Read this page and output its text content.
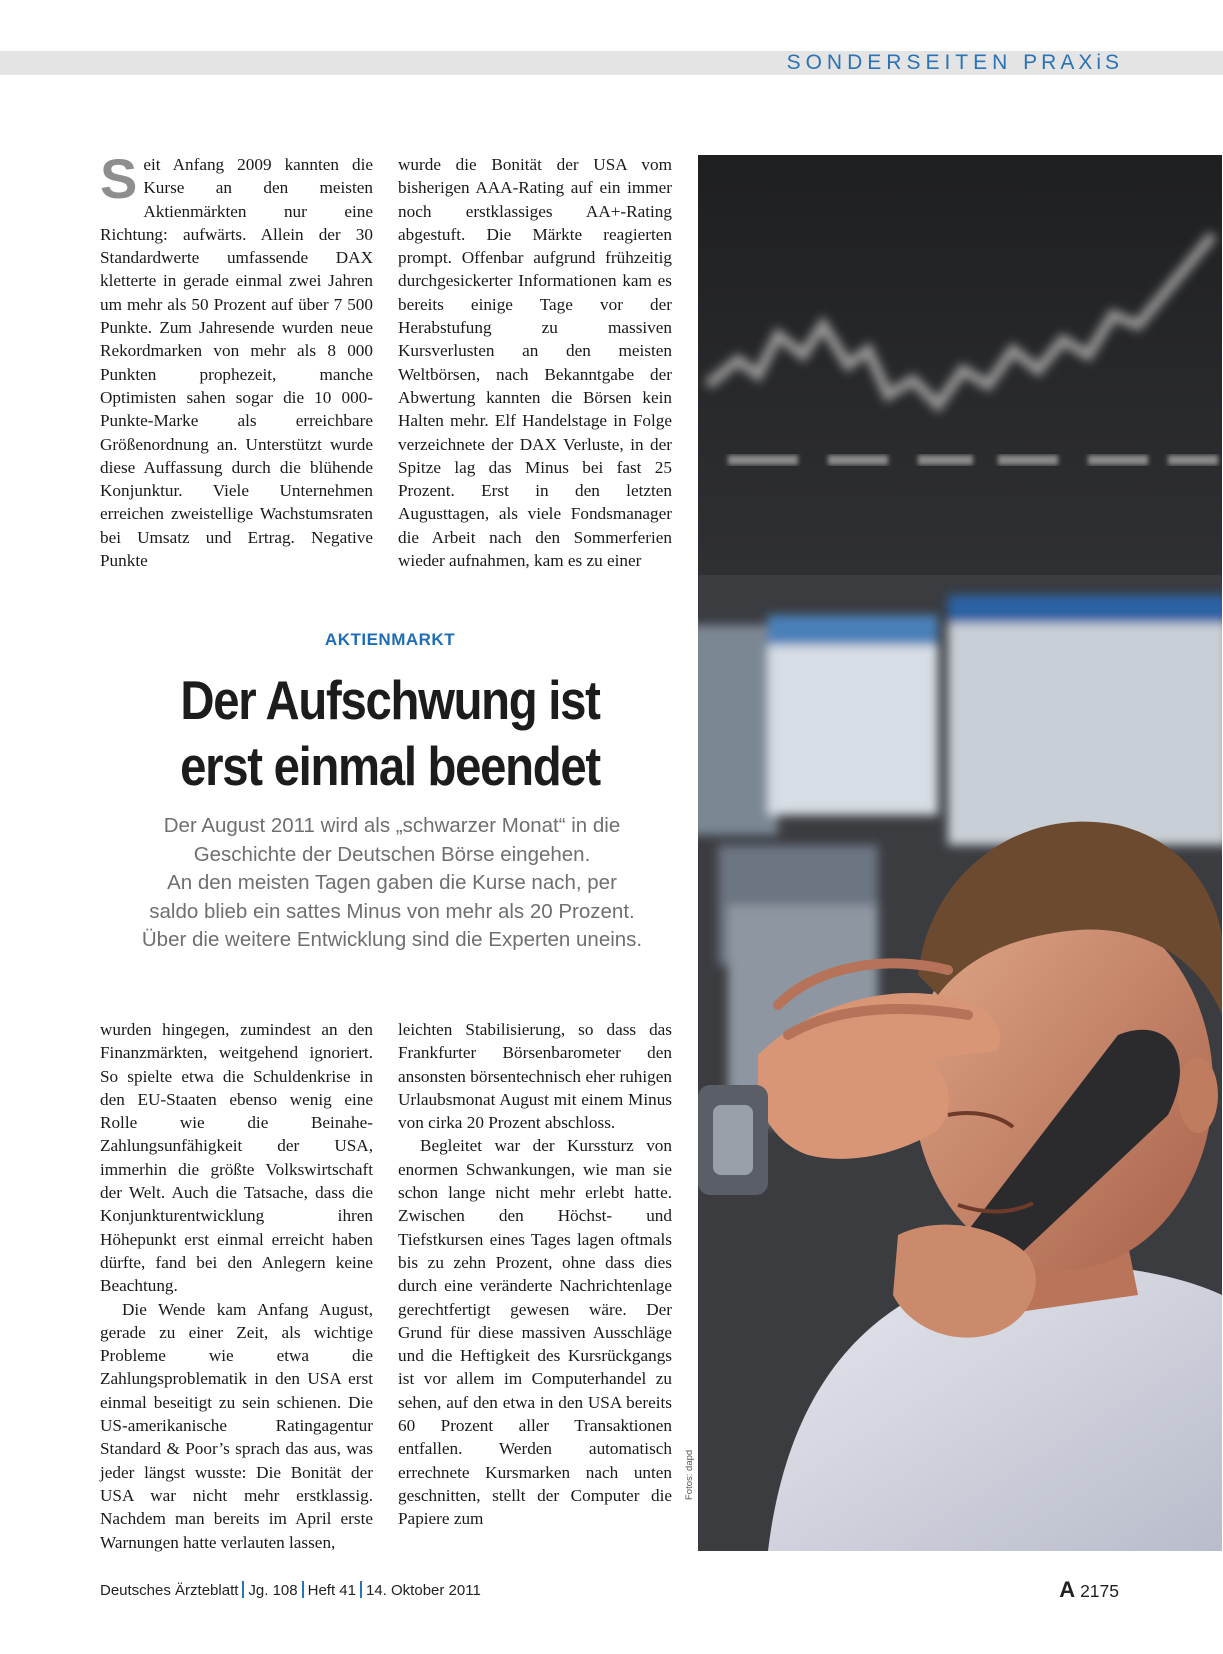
SONDERSEITEN PRAXiS
S eit Anfang 2009 kannten die Kurse an den meisten Aktienmärkten nur eine Richtung: aufwärts. Allein der 30 Standardwerte umfassende DAX kletterte in gerade einmal zwei Jahren um mehr als 50 Prozent auf über 7 500 Punkte. Zum Jahresende wurden neue Rekordmarken von mehr als 8 000 Punkten prophezeit, manche Optimisten sahen sogar die 10 000-Punkte-Marke als erreichbare Größenordnung an. Unterstützt wurde diese Auffassung durch die blühende Konjunktur. Viele Unternehmen erreichen zweistellige Wachstumsraten bei Umsatz und Ertrag. Negative Punkte

wurde die Bonität der USA vom bisherigen AAA-Rating auf ein immer noch erstklassiges AA+-Rating abgestuft. Die Märkte reagierten prompt. Offenbar aufgrund frühzeitig durchgesickerter Informationen kam es bereits einige Tage vor der Herabstufung zu massiven Kursverlusten an den meisten Weltbörsen, nach Bekanntgabe der Abwertung kannten die Börsen kein Halten mehr. Elf Handelstage in Folge verzeichnete der DAX Verluste, in der Spitze lag das Minus bei fast 25 Prozent. Erst in den letzten Augusttagen, als viele Fondsmanager die Arbeit nach den Sommerferien wieder aufnahmen, kam es zu einer

AKTIENMARKT
Der Aufschwung ist
erst einmal beendet
Der August 2011 wird als „schwarzer Monat“ in die
Geschichte der Deutschen Börse eingehen.
An den meisten Tagen gaben die Kurse nach, per
saldo blieb ein sattes Minus von mehr als 20 Prozent.
Über die weitere Entwicklung sind die Experten uneins.

wurden hingegen, zumindest an den Finanzmärkten, weitgehend ignoriert. So spielte etwa die Schuldenkrise in den EU-Staaten ebenso wenig eine Rolle wie die Beinahe-Zahlungsunfähigkeit der USA, immerhin die größte Volkswirtschaft der Welt. Auch die Tatsache, dass die Konjunkturentwicklung ihren Höhepunkt erst einmal erreicht haben dürfte, fand bei den Anlegern keine Beachtung.

Die Wende kam Anfang August, gerade zu einer Zeit, als wichtige Probleme wie etwa die Zahlungsproblematik in den USA erst einmal beseitigt zu sein schienen. Die US-amerikanische Ratingagentur Standard & Poor’s sprach das aus, was jeder längst wusste: Die Bonität der USA war nicht mehr erstklassig. Nachdem man bereits im April erste Warnungen hatte verlauten lassen,

leichten Stabilisierung, so dass das Frankfurter Börsenbarometer den ansonsten börsentechnisch eher ruhigen Urlaubsmonat August mit einem Minus von cirka 20 Prozent abschloss.

Begleitet war der Kurssturz von enormen Schwankungen, wie man sie schon lange nicht mehr erlebt hatte. Zwischen den Höchst- und Tiefstkursen eines Tages lagen oftmals bis zu zehn Prozent, ohne dass dies durch eine veränderte Nachrichtenlage gerechtfertigt gewesen wäre. Der Grund für diese massiven Ausschläge und die Heftigkeit des Kursrückgangs ist vor allem im Computerhandel zu sehen, auf den etwa in den USA bereits 60 Prozent aller Transaktionen entfallen. Werden automatisch errechnete Kursmarken nach unten geschnitten, stellt der Computer die Papiere zum

Fotos: dapd
Deutsches Ärzteblatt Jg. 108 Heft 41 14. Oktober 2011	A 2175
